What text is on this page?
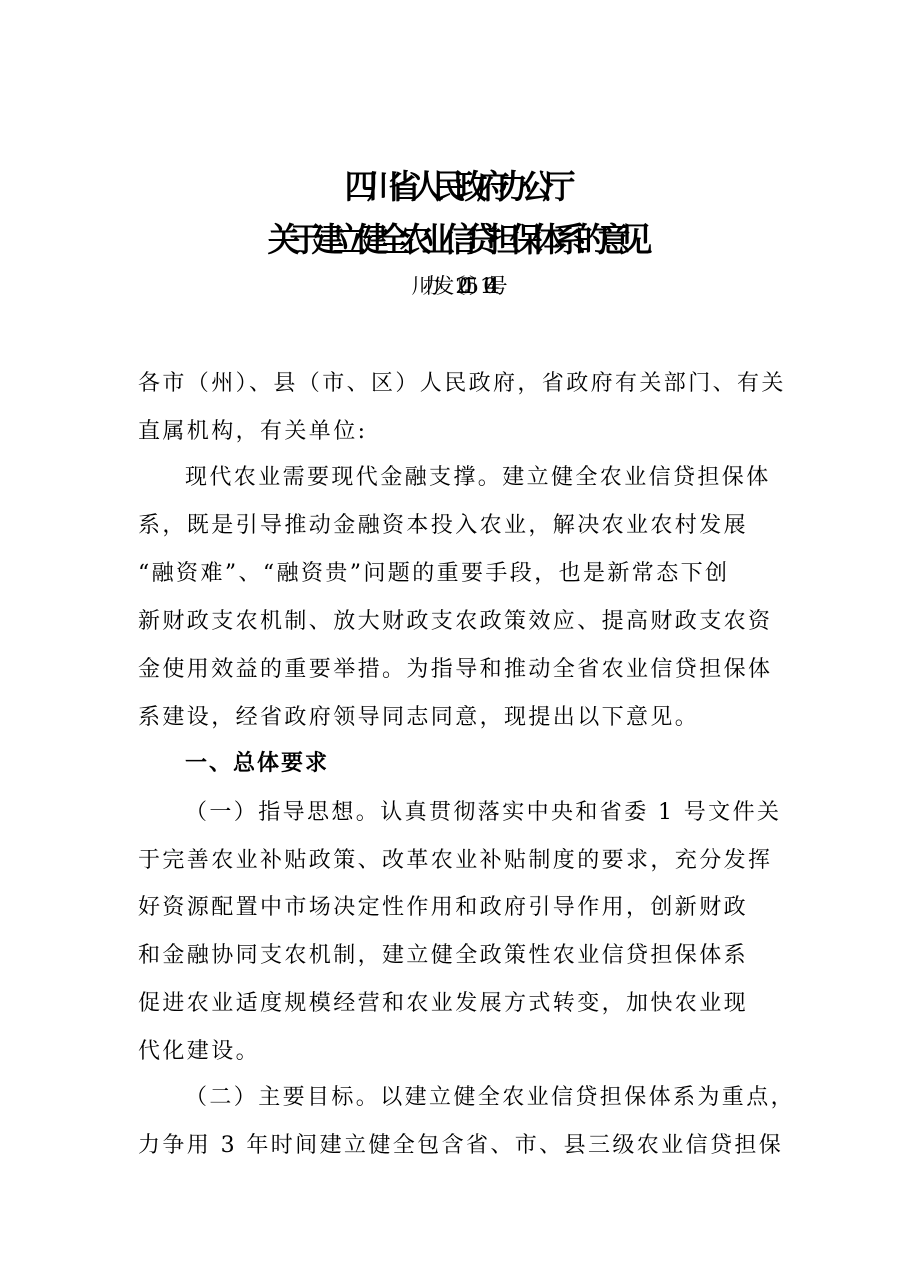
四川省人民政府办公厅
关于建立健全农业信贷担保体系的意见
川办发〔2015〕104 号
各市（州）、县（市、区）人民政府，省政府有关部门、有关
直属机构，有关单位:
现代农业需要现代金融支撑。建立健全农业信贷担保体
系，既是引导推动金融资本投入农业，解决农业农村发展
“融资难”、“融资贵”问题的重要手段，也是新常态下创
新财政支农机制、放大财政支农政策效应、提高财政支农资
金使用效益的重要举措。为指导和推动全省农业信贷担保体
系建设，经省政府领导同志同意，现提出以下意见。
一、总体要求
（一）指导思想。认真贯彻落实中央和省委 1 号文件关
于完善农业补贴政策、改革农业补贴制度的要求，充分发挥
好资源配置中市场决定性作用和政府引导作用，创新财政
和金融协同支农机制，建立健全政策性农业信贷担保体系
促进农业适度规模经营和农业发展方式转变，加快农业现
代化建设。
（二）主要目标。以建立健全农业信贷担保体系为重点，
力争用 3 年时间建立健全包含省、市、县三级农业信贷担保
